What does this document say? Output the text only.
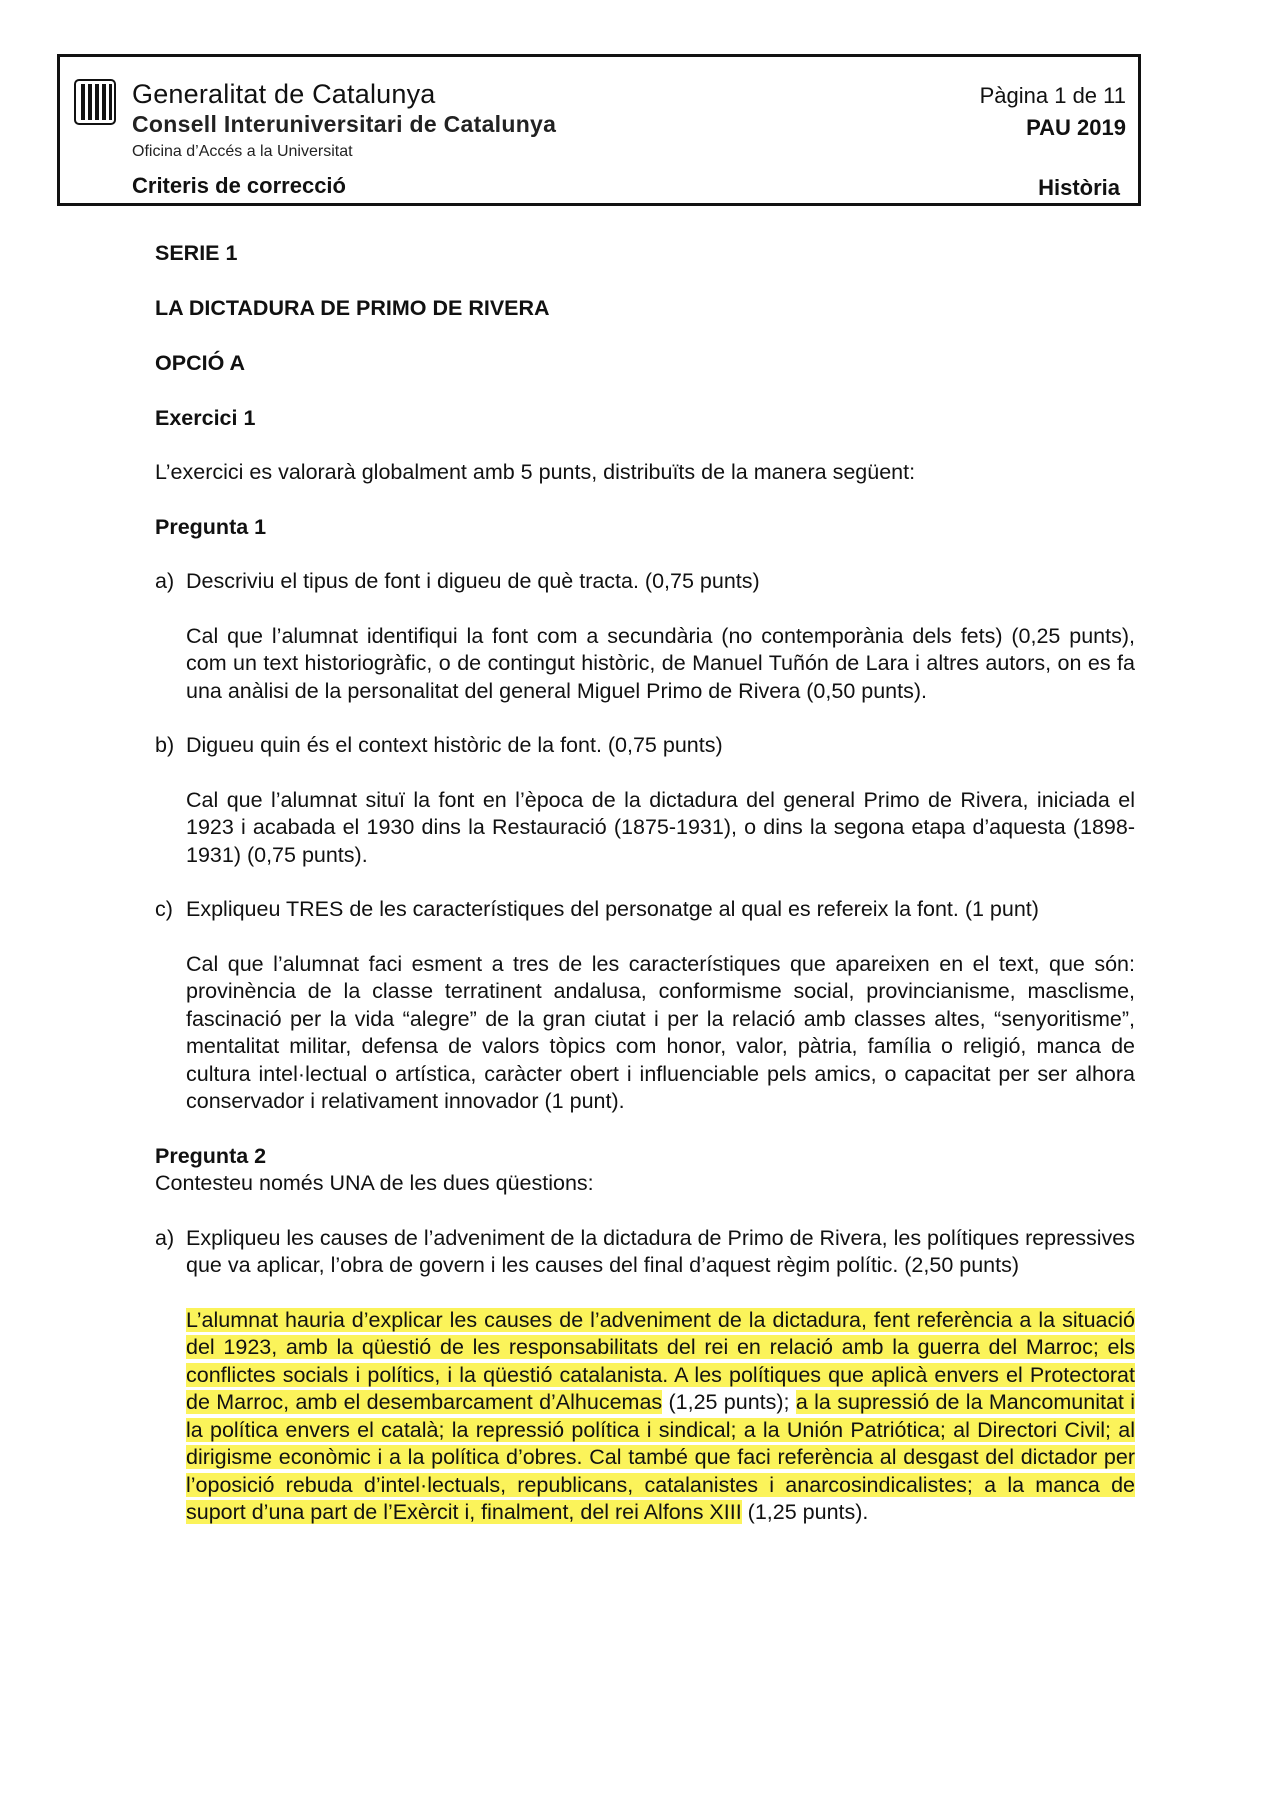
Generalitat de Catalunya
Consell Interuniversitari de Catalunya
Oficina d’Accés a la Universitat
Criteris de correcció
Pàgina 1 de 11
PAU 2019
Història

SERIE 1

LA DICTADURA DE PRIMO DE RIVERA

OPCIÓ A

Exercici 1

L’exercici es valorarà globalment amb 5 punts, distribuïts de la manera següent:

Pregunta 1

a) Descriviu el tipus de font i digueu de què tracta. (0,75 punts)

Cal que l’alumnat identifiqui la font com a secundària (no contemporània dels fets) (0,25 punts), com un text historiogràfic, o de contingut històric, de Manuel Tuñón de Lara i altres autors, on es fa una anàlisi de la personalitat del general Miguel Primo de Rivera (0,50 punts).

b) Digueu quin és el context històric de la font. (0,75 punts)

Cal que l’alumnat situï la font en l’època de la dictadura del general Primo de Rivera, iniciada el 1923 i acabada el 1930 dins la Restauració (1875-1931), o dins la segona etapa d’aquesta (1898-1931) (0,75 punts).

c) Expliqueu TRES de les característiques del personatge al qual es refereix la font. (1 punt)

Cal que l’alumnat faci esment a tres de les característiques que apareixen en el text, que són: provinència de la classe terratinent andalusa, conformisme social, provincianisme, masclisme, fascinació per la vida “alegre” de la gran ciutat i per la relació amb classes altes, “senyoritisme”, mentalitat militar, defensa de valors tòpics com honor, valor, pàtria, família o religió, manca de cultura intel·lectual o artística, caràcter obert i influenciable pels amics, o capacitat per ser alhora conservador i relativament innovador (1 punt).

Pregunta 2

Contesteu només UNA de les dues qüestions:

a) Expliqueu les causes de l’adveniment de la dictadura de Primo de Rivera, les polítiques repressives que va aplicar, l’obra de govern i les causes del final d’aquest règim polític. (2,50 punts)

L’alumnat hauria d’explicar les causes de l’adveniment de la dictadura, fent referència a la situació del 1923, amb la qüestió de les responsabilitats del rei en relació amb la guerra del Marroc; els conflictes socials i polítics, i la qüestió catalanista. A les polítiques que aplicà envers el Protectorat de Marroc, amb el desembarcament d’Alhucemas (1,25 punts); a la supressió de la Mancomunitat i la política envers el català; la repressió política i sindical; a la Unión Patriótica; al Directori Civil; al dirigisme econòmic i a la política d’obres. Cal també que faci referència al desgast del dictador per l’oposició rebuda d’intel·lectuals, republicans, catalanistes i anarcosindicalistes; a la manca de suport d’una part de l’Exèrcit i, finalment, del rei Alfons XIII (1,25 punts).
